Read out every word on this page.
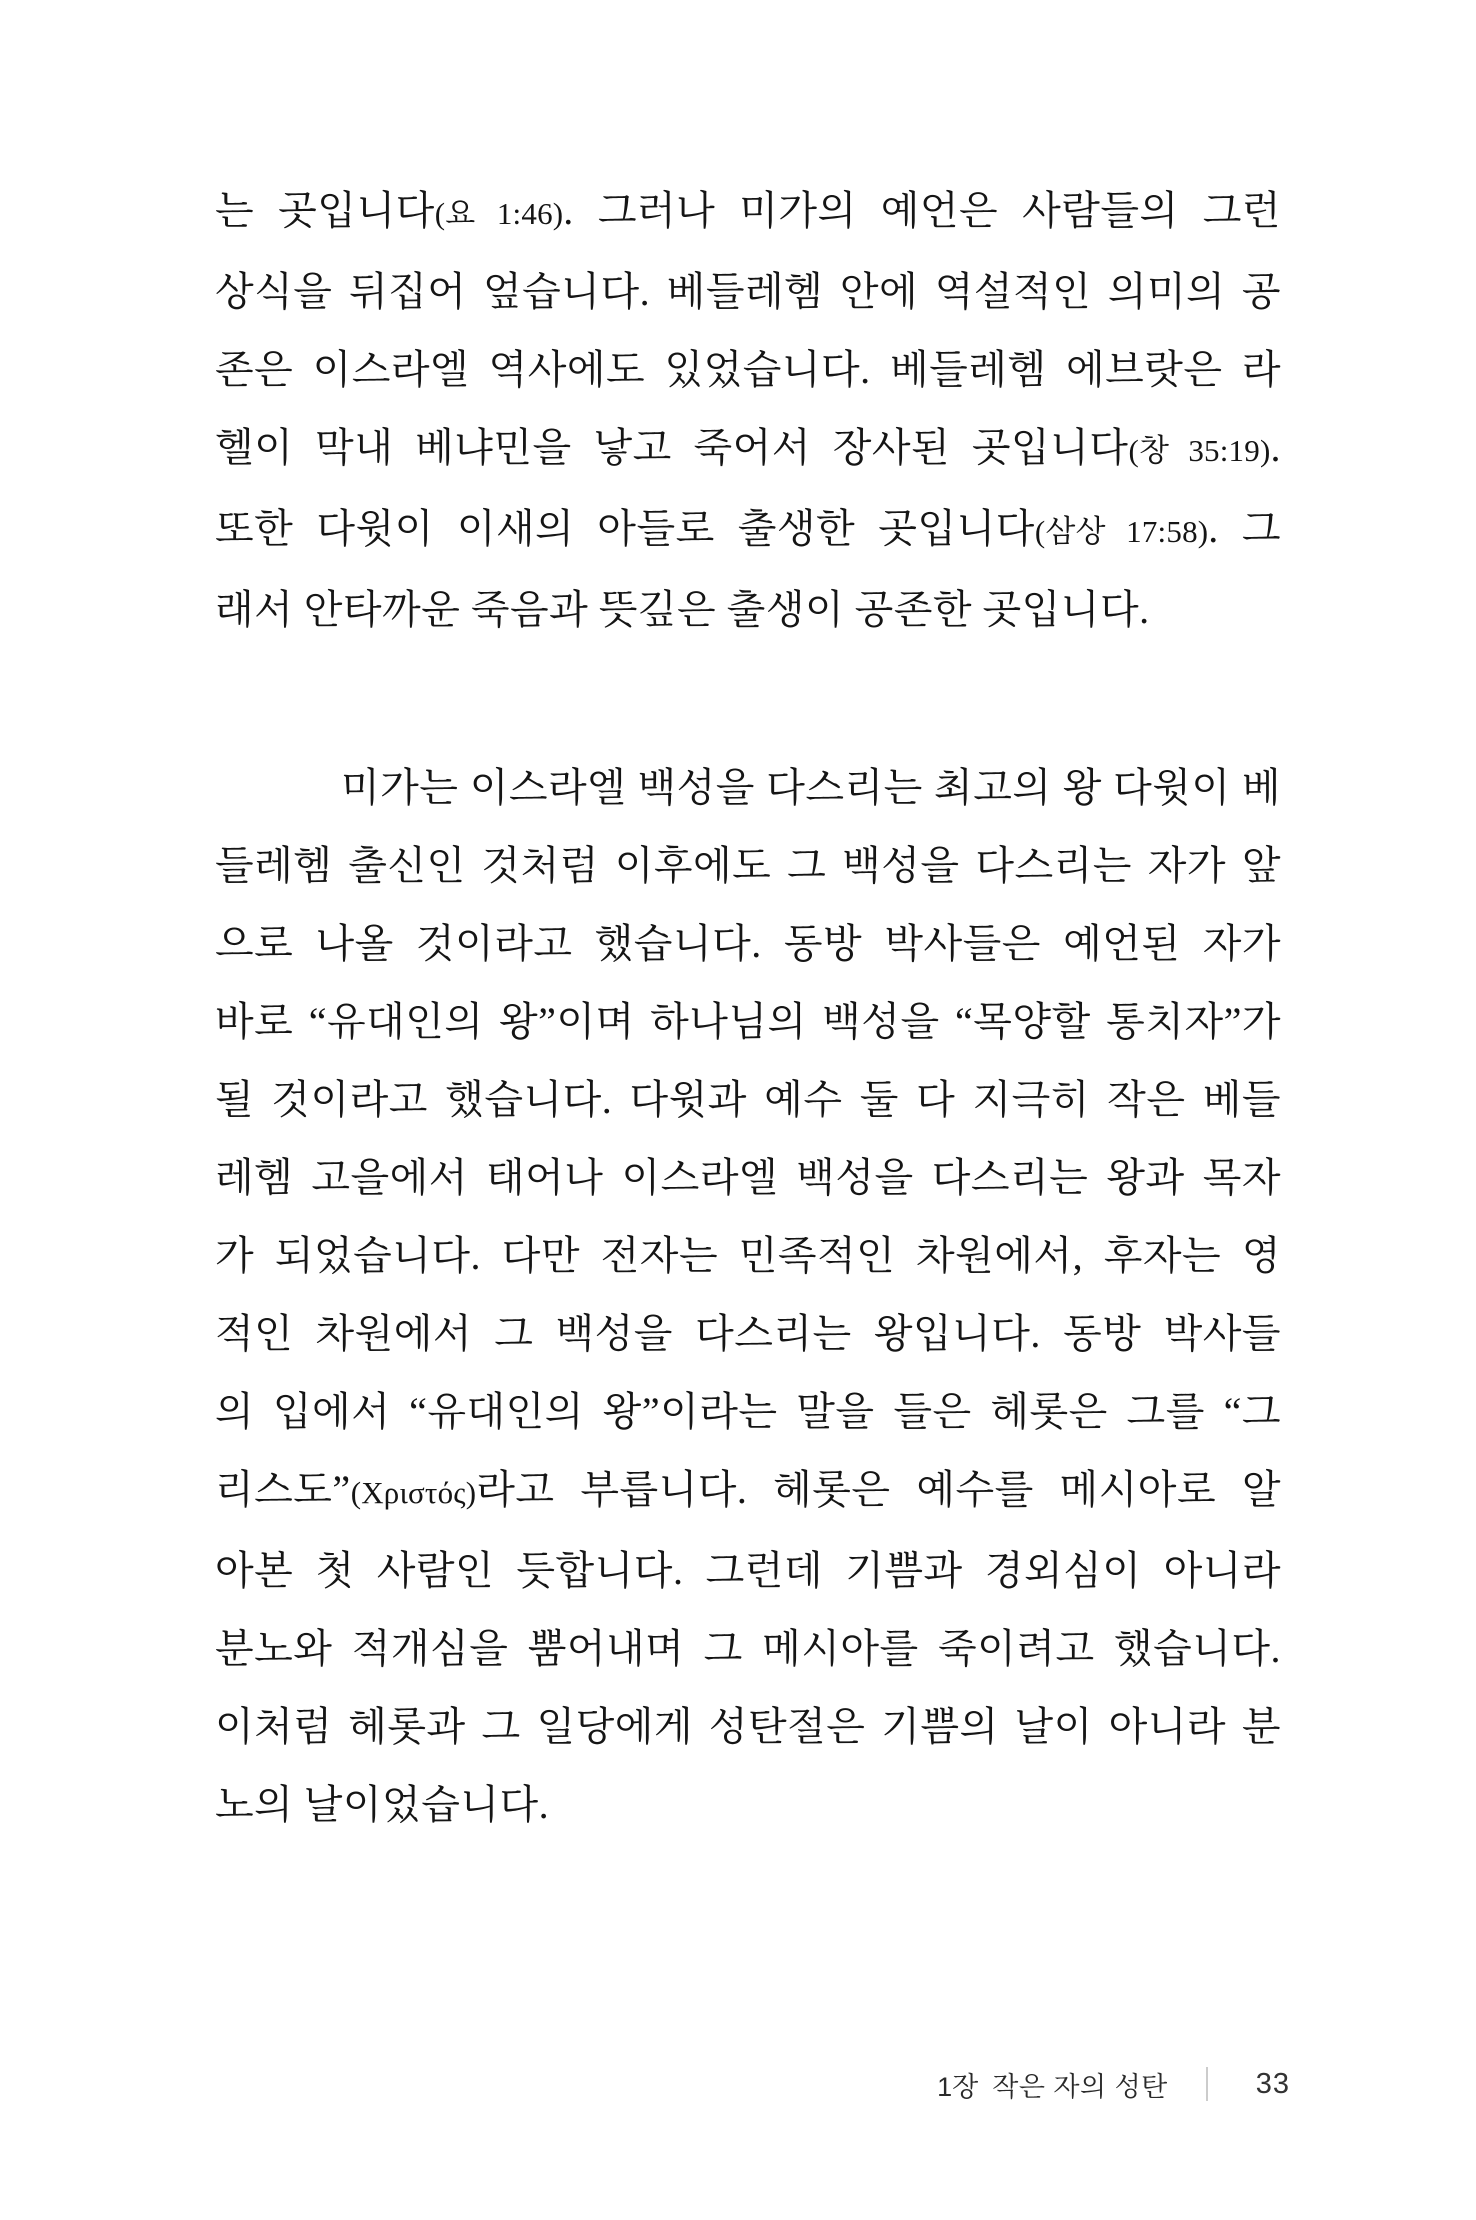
는 곳입니다(요 1:46). 그러나 미가의 예언은 사람들의 그런
상식을 뒤집어 엎습니다. 베들레헴 안에 역설적인 의미의 공
존은 이스라엘 역사에도 있었습니다. 베들레헴 에브랏은 라
헬이 막내 베냐민을 낳고 죽어서 장사된 곳입니다(창 35:19).
또한 다윗이 이새의 아들로 출생한 곳입니다(삼상 17:58). 그
래서 안타까운 죽음과 뜻깊은 출생이 공존한 곳입니다.
미가는 이스라엘 백성을 다스리는 최고의 왕 다윗이 베
들레헴 출신인 것처럼 이후에도 그 백성을 다스리는 자가 앞
으로 나올 것이라고 했습니다. 동방 박사들은 예언된 자가
바로 “유대인의 왕”이며 하나님의 백성을 “목양할 통치자”가
될 것이라고 했습니다. 다윗과 예수 둘 다 지극히 작은 베들
레헴 고을에서 태어나 이스라엘 백성을 다스리는 왕과 목자
가 되었습니다. 다만 전자는 민족적인 차원에서, 후자는 영
적인 차원에서 그 백성을 다스리는 왕입니다. 동방 박사들
의 입에서 “유대인의 왕”이라는 말을 들은 헤롯은 그를 “그
리스도”(Χριστός)라고 부릅니다. 헤롯은 예수를 메시아로 알
아본 첫 사람인 듯합니다. 그런데 기쁨과 경외심이 아니라
분노와 적개심을 뿜어내며 그 메시아를 죽이려고 했습니다.
이처럼 헤롯과 그 일당에게 성탄절은 기쁨의 날이 아니라 분
노의 날이었습니다.
1장 작은 자의 성탄	33
